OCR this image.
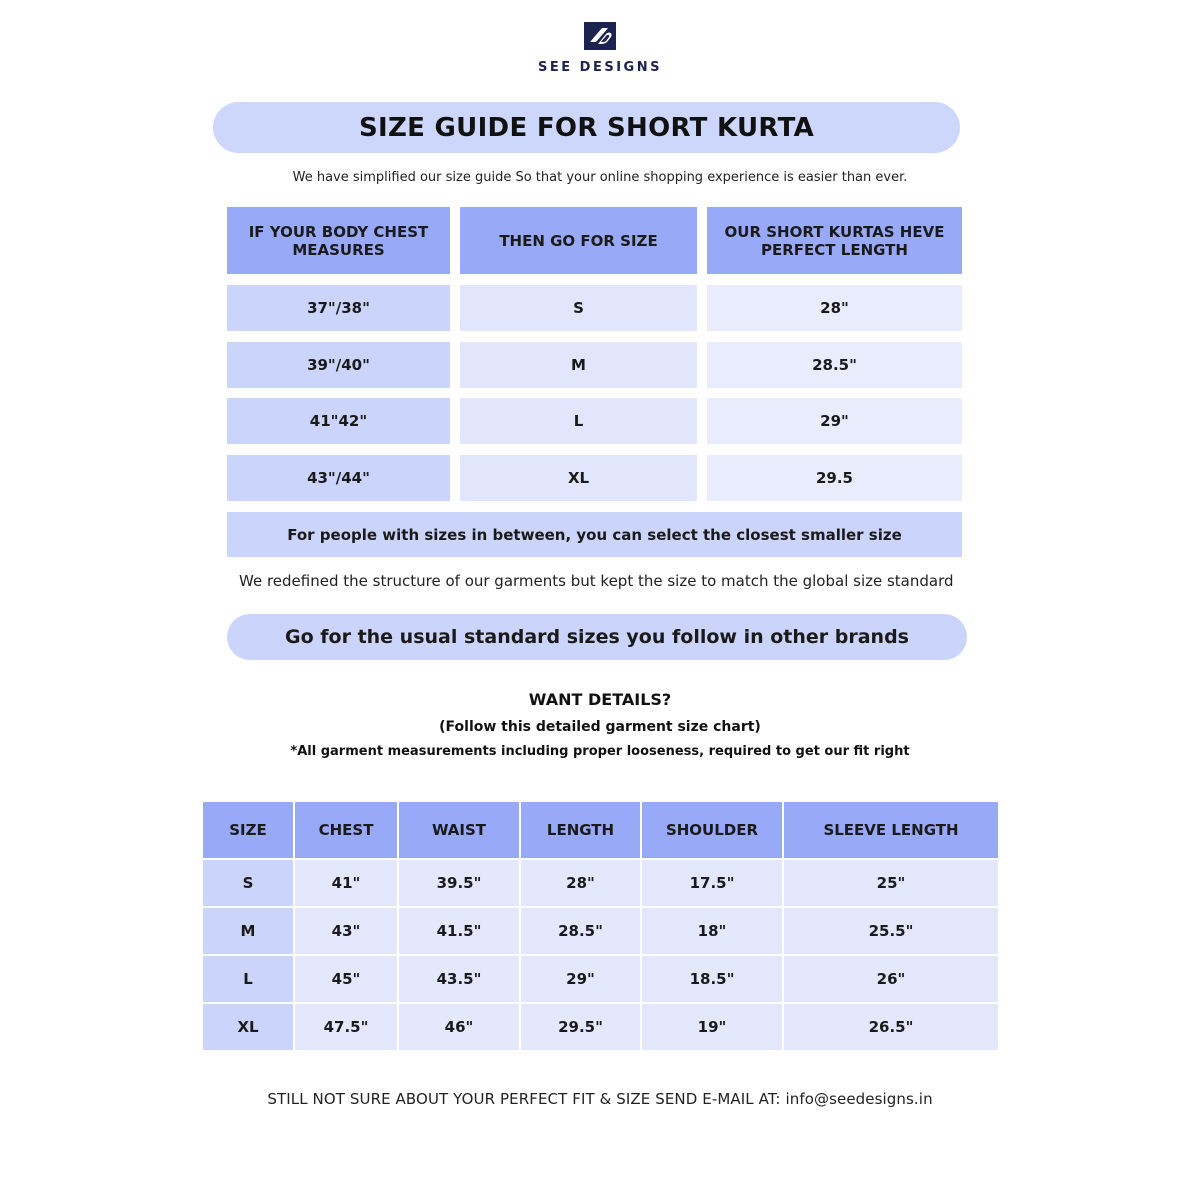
SEE DESIGNS
SIZE GUIDE FOR SHORT KURTA
We have simplified our size guide So that your online shopping experience is easier than ever.
IF YOUR BODY CHEST MEASURES	THEN GO FOR SIZE	OUR SHORT KURTAS HEVE PERFECT LENGTH
37"/38"	S	28"
39"/40"	M	28.5"
41"42"	L	29"
43"/44"	XL	29.5
For people with sizes in between, you can select the closest smaller size
We redefined the structure of our garments but kept the size to match the global size standard
Go for the usual standard sizes you follow in other brands
WANT DETAILS?
(Follow this detailed garment size chart)
*All garment measurements including proper looseness, required to get our fit right
SIZE	CHEST	WAIST	LENGTH	SHOULDER	SLEEVE LENGTH
S	41"	39.5"	28"	17.5"	25"
M	43"	41.5"	28.5"	18"	25.5"
L	45"	43.5"	29"	18.5"	26"
XL	47.5"	46"	29.5"	19"	26.5"
STILL NOT SURE ABOUT YOUR PERFECT FIT & SIZE SEND E-MAIL AT: info@seedesigns.in
